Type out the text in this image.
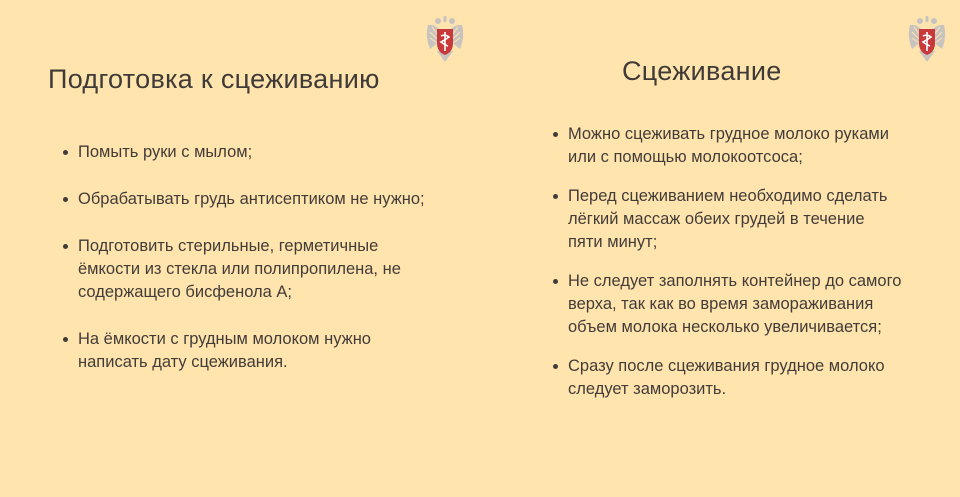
Подготовка к сцеживанию
Помыть руки с мылом;
Обрабатывать грудь антисептиком не нужно;
Подготовить стерильные, герметичные ёмкости из стекла или полипропилена, не содержащего бисфенола А;
На ёмкости с грудным молоком нужно написать дату сцеживания.
Сцеживание
Можно сцеживать грудное молоко руками или с помощью молокоотсоса;
Перед сцеживанием необходимо сделать лёгкий массаж обеих грудей в течение пяти минут;
Не следует заполнять контейнер до самого верха, так как во время замораживания объем молока несколько увеличивается;
Сразу после сцеживания грудное молоко следует заморозить.
